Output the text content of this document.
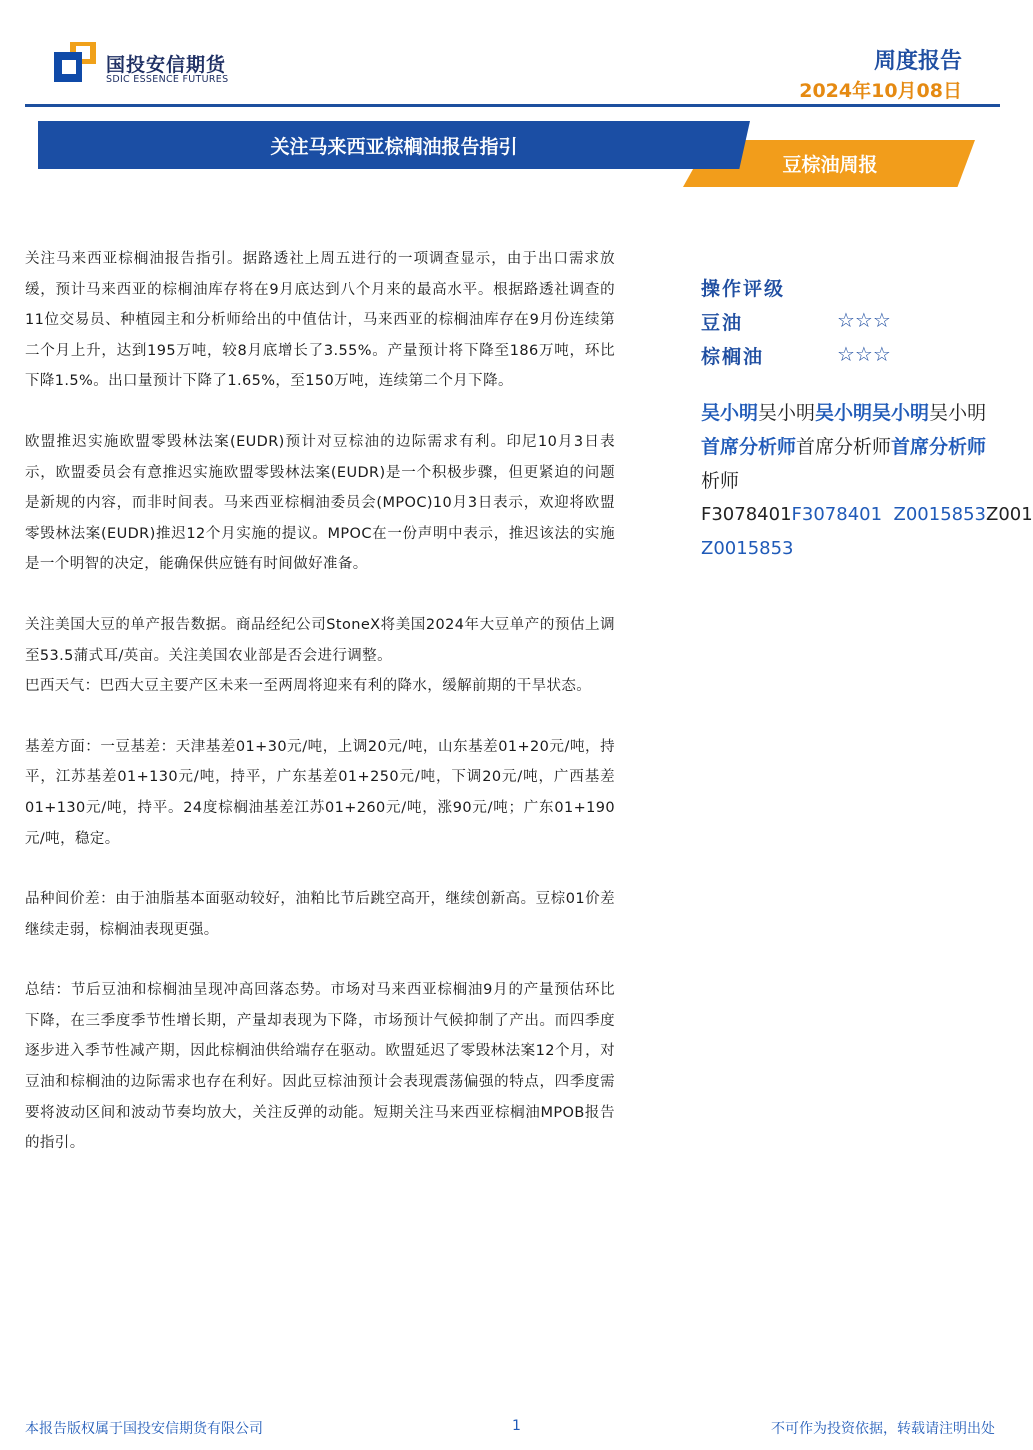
国投安信期货
SDIC ESSENCE FUTURES
周度报告
2024年10月08日
豆棕油周报
关注马来西亚棕榈油报告指引

关注马来西亚棕榈油报告指引。据路透社上周五进行的一项调查显示，由于出口需求放缓，预计马来西亚的棕榈油库存将在9月底达到八个月来的最高水平。根据路透社调查的11位交易员、种植园主和分析师给出的中值估计，马来西亚的棕榈油库存在9月份连续第二个月上升，达到195万吨，较8月底增长了3.55%。产量预计将下降至186万吨，环比下降1.5%。出口量预计下降了1.65%，至150万吨，连续第二个月下降。

欧盟推迟实施欧盟零毁林法案(EUDR)预计对豆棕油的边际需求有利。印尼10月3日表示，欧盟委员会有意推迟实施欧盟零毁林法案(EUDR)是一个积极步骤，但更紧迫的问题是新规的内容，而非时间表。马来西亚棕榈油委员会(MPOC)10月3日表示，欢迎将欧盟零毁林法案(EUDR)推迟12个月实施的提议。MPOC在一份声明中表示，推迟该法的实施是一个明智的决定，能确保供应链有时间做好准备。

关注美国大豆的单产报告数据。商品经纪公司StoneX将美国2024年大豆单产的预估上调至53.5蒲式耳/英亩。关注美国农业部是否会进行调整。

巴西天气：巴西大豆主要产区未来一至两周将迎来有利的降水，缓解前期的干旱状态。

基差方面：一豆基差：天津基差01+30元/吨，上调20元/吨，山东基差01+20元/吨，持平，江苏基差01+130元/吨，持平，广东基差01+250元/吨，下调20元/吨，广西基差01+130元/吨，持平。24度棕榈油基差江苏01+260元/吨，涨90元/吨；广东01+190元/吨，稳定。

品种间价差：由于油脂基本面驱动较好，油粕比节后跳空高开，继续创新高。豆棕01价差继续走弱，棕榈油表现更强。

总结：节后豆油和棕榈油呈现冲高回落态势。市场对马来西亚棕榈油9月的产量预估环比下降，在三季度季节性增长期，产量却表现为下降，市场预计气候抑制了产出。而四季度逐步进入季节性减产期，因此棕榈油供给端存在驱动。欧盟延迟了零毁林法案12个月，对豆油和棕榈油的边际需求也存在利好。因此豆棕油预计会表现震荡偏强的特点，四季度需要将波动区间和波动节奏均放大，关注反弹的动能。短期关注马来西亚棕榈油MPOB报告的指引。

操作评级
豆油	☆☆☆
棕榈油	☆☆☆
吴小明吴小明吴小明吴小明吴小明
首席分析师首席分析师首席分析师
析师
F3078401F3078401 Z0015853Z001
Z0015853
本报告版权属于国投安信期货有限公司	1	不可作为投资依据，转载请注明出处
